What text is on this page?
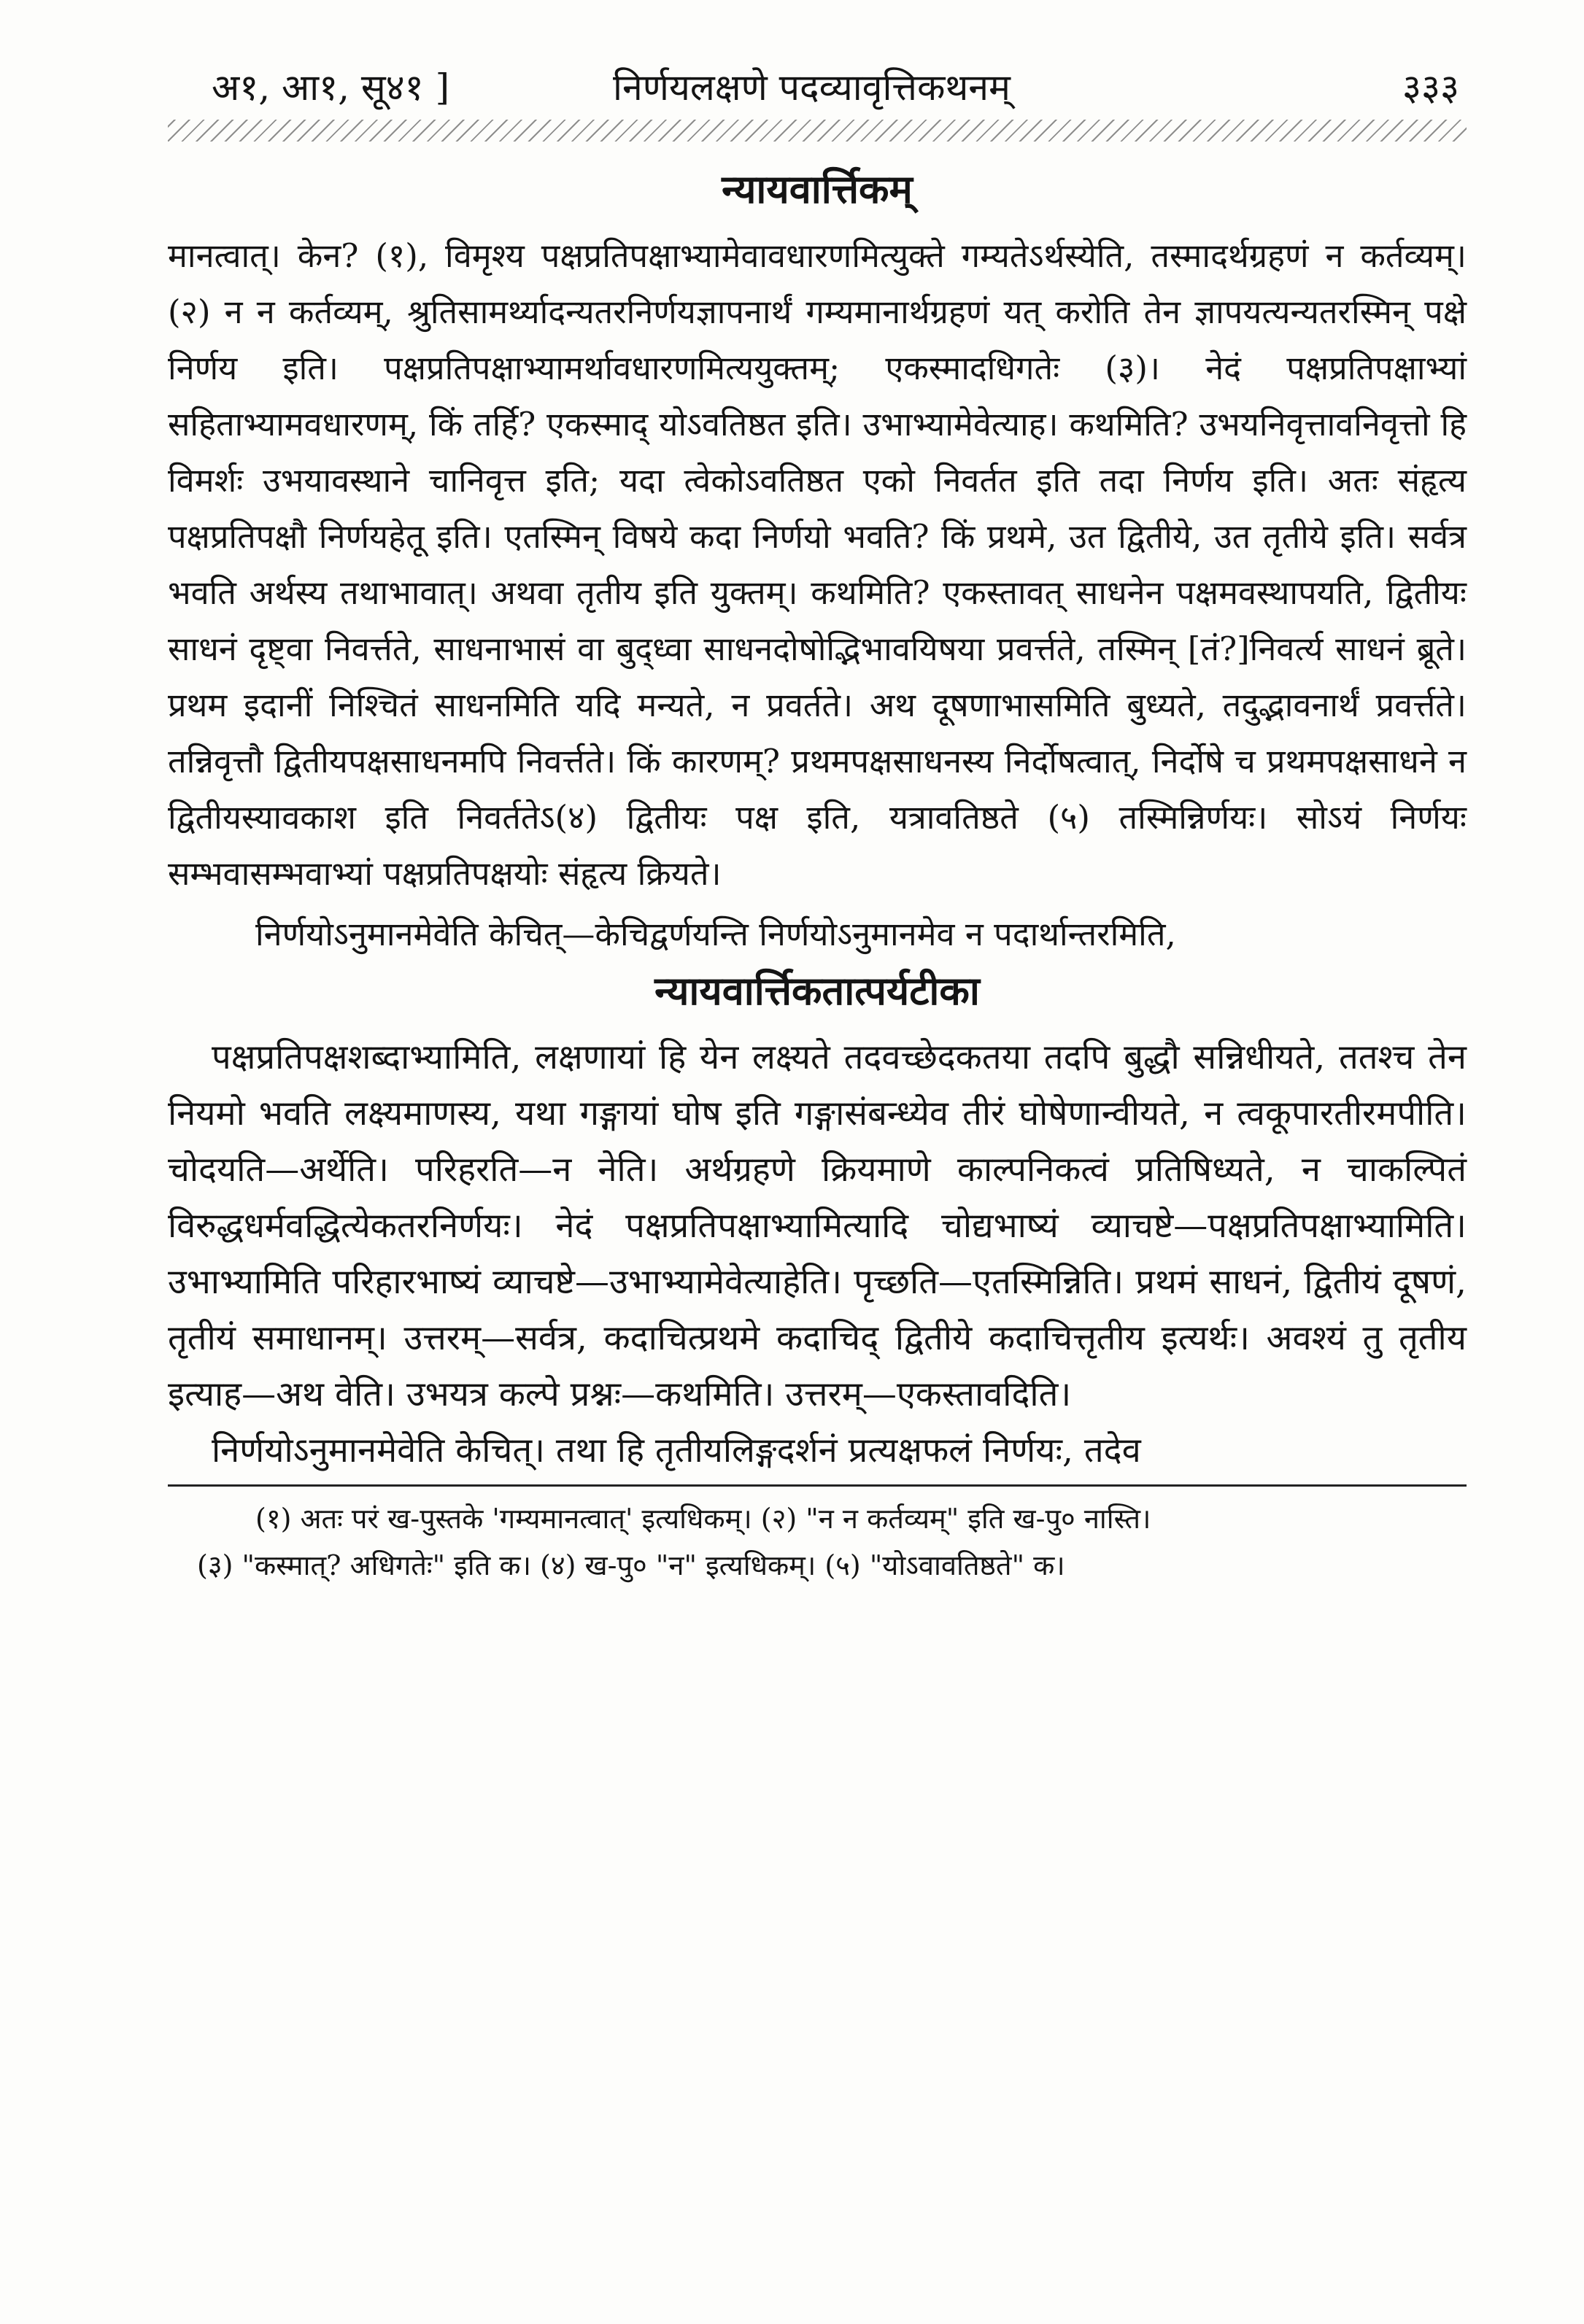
अ१, आ१, सू४१ ]	निर्णयलक्षणे पदव्यावृत्तिकथनम्	३३३
न्यायवार्त्तिकम्

मानत्वात्। केन? (१), विमृश्य पक्षप्रतिपक्षाभ्यामेवावधारणमित्युक्ते गम्यतेऽर्थस्येति, तस्मादर्थग्रहणं न कर्तव्यम्। (२) न न कर्तव्यम्, श्रुतिसामर्थ्यादन्यतरनिर्णयज्ञापनार्थं गम्यमानार्थग्रहणं यत् करोति तेन ज्ञापयत्यन्यतरस्मिन् पक्षे निर्णय इति। पक्षप्रतिपक्षाभ्यामर्थावधारणमित्ययुक्तम्; एकस्मादधिगतेः (३)। नेदं पक्षप्रतिपक्षाभ्यां सहिताभ्यामवधारणम्, किं तर्हि? एकस्माद् योऽवतिष्ठत इति। उभाभ्यामेवेत्याह। कथमिति? उभयनिवृत्तावनिवृत्तो हि विमर्शः उभयावस्थाने चानिवृत्त इति; यदा त्वेकोऽवतिष्ठत एको निवर्तत इति तदा निर्णय इति। अतः संहृत्य पक्षप्रतिपक्षौ निर्णयहेतू इति। एतस्मिन् विषये कदा निर्णयो भवति? किं प्रथमे, उत द्वितीये, उत तृतीये इति। सर्वत्र भवति अर्थस्य तथाभावात्। अथवा तृतीय इति युक्तम्। कथमिति? एकस्तावत् साधनेन पक्षमवस्थापयति, द्वितीयः साधनं दृष्ट्वा निवर्त्तते, साधनाभासं वा बुद्ध्वा साधनदोषोद्भिभावयिषया प्रवर्त्तते, तस्मिन् [तं?]निवर्त्य साधनं ब्रूते। प्रथम इदानीं निश्चितं साधनमिति यदि मन्यते, न प्रवर्तते। अथ दूषणाभासमिति बुध्यते, तदुद्भावनार्थं प्रवर्त्तते। तन्निवृत्तौ द्वितीयपक्षसाधनमपि निवर्त्तते। किं कारणम्? प्रथमपक्षसाधनस्य निर्दोषत्वात्, निर्दोषे च प्रथमपक्षसाधने न द्वितीयस्यावकाश इति निवर्ततेऽ(४) द्वितीयः पक्ष इति, यत्रावतिष्ठते (५) तस्मिन्निर्णयः। सोऽयं निर्णयः सम्भवासम्भवाभ्यां पक्षप्रतिपक्षयोः संहृत्य क्रियते।

निर्णयोऽनुमानमेवेति केचित्—केचिद्वर्णयन्ति निर्णयोऽनुमानमेव न पदार्थान्तरमिति,

न्यायवार्त्तिकतात्पर्यटीका

पक्षप्रतिपक्षशब्दाभ्यामिति, लक्षणायां हि येन लक्ष्यते तदवच्छेदकतया तदपि बुद्धौ सन्निधीयते, ततश्च तेन नियमो भवति लक्ष्यमाणस्य, यथा गङ्गायां घोष इति गङ्गासंबन्ध्येव तीरं घोषेणान्वीयते, न त्वकूपारतीरमपीति। चोदयति—अर्थेति। परिहरति—न नेति। अर्थग्रहणे क्रियमाणे काल्पनिकत्वं प्रतिषिध्यते, न चाकल्पितं विरुद्धधर्मवद्धित्येकतरनिर्णयः। नेदं पक्षप्रतिपक्षाभ्यामित्यादि चोद्यभाष्यं व्याचष्टे—पक्षप्रतिपक्षाभ्यामिति। उभाभ्यामिति परिहारभाष्यं व्याचष्टे—उभाभ्यामेवेत्याहेति। पृच्छति—एतस्मिन्निति। प्रथमं साधनं, द्वितीयं दूषणं, तृतीयं समाधानम्। उत्तरम्—सर्वत्र, कदाचित्प्रथमे कदाचिद् द्वितीये कदाचित्तृतीय इत्यर्थः। अवश्यं तु तृतीय इत्याह—अथ वेति। उभयत्र कल्पे प्रश्नः—कथमिति। उत्तरम्—एकस्तावदिति।

निर्णयोऽनुमानमेवेति केचित्। तथा हि तृतीयलिङ्गदर्शनं प्रत्यक्षफलं निर्णयः, तदेव

(१) अतः परं ख-पुस्तके 'गम्यमानत्वात्' इत्यधिकम्। (२) "न न कर्तव्यम्" इति ख-पु० नास्ति।
(३) "कस्मात्? अधिगतेः" इति क। (४) ख-पु० "न" इत्यधिकम्। (५) "योऽवावतिष्ठते" क।
